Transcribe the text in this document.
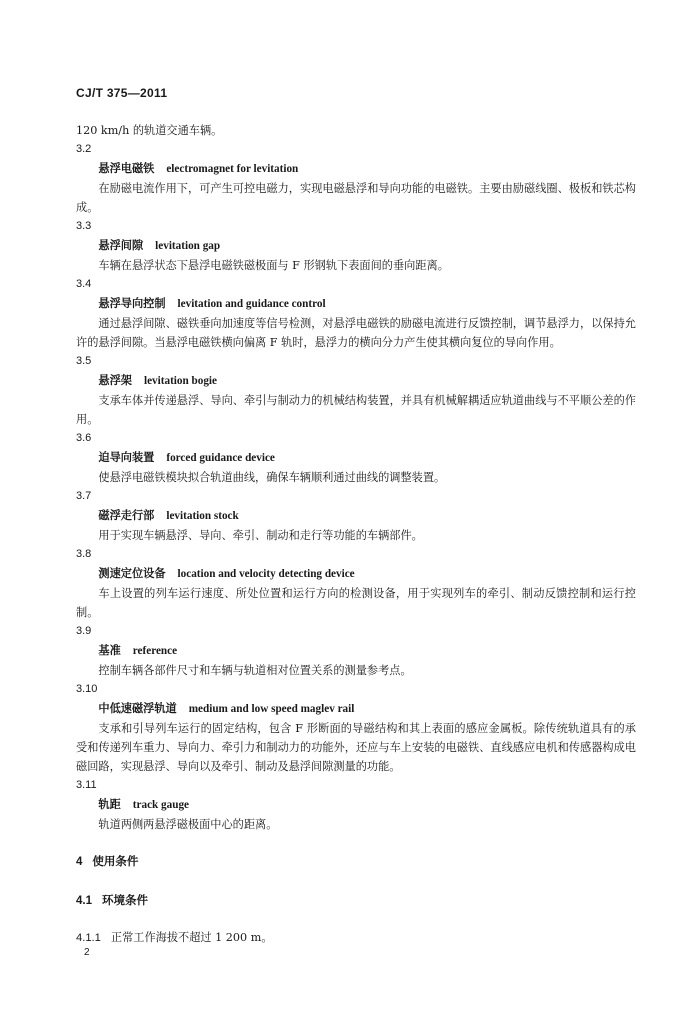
CJ/T 375—2011

120 km/h 的轨道交通车辆。

3.2

悬浮电磁铁 electromagnet for levitation

在励磁电流作用下，可产生可控电磁力，实现电磁悬浮和导向功能的电磁铁。主要由励磁线圈、极板和铁芯构成。

3.3

悬浮间隙 levitation gap

车辆在悬浮状态下悬浮电磁铁磁极面与 F 形钢轨下表面间的垂向距离。

3.4

悬浮导向控制 levitation and guidance control

通过悬浮间隙、磁铁垂向加速度等信号检测，对悬浮电磁铁的励磁电流进行反馈控制，调节悬浮力，以保持允许的悬浮间隙。当悬浮电磁铁横向偏离 F 轨时，悬浮力的横向分力产生使其横向复位的导向作用。

3.5

悬浮架 levitation bogie

支承车体并传递悬浮、导向、牵引与制动力的机械结构装置，并具有机械解耦适应轨道曲线与不平顺公差的作用。

3.6

迫导向装置 forced guidance device

使悬浮电磁铁模块拟合轨道曲线，确保车辆顺利通过曲线的调整装置。

3.7

磁浮走行部 levitation stock

用于实现车辆悬浮、导向、牵引、制动和走行等功能的车辆部件。

3.8

测速定位设备 location and velocity detecting device

车上设置的列车运行速度、所处位置和运行方向的检测设备，用于实现列车的牵引、制动反馈控制和运行控制。

3.9

基准 reference

控制车辆各部件尺寸和车辆与轨道相对位置关系的测量参考点。

3.10

中低速磁浮轨道 medium and low speed maglev rail

支承和引导列车运行的固定结构，包含 F 形断面的导磁结构和其上表面的感应金属板。除传统轨道具有的承受和传递列车重力、导向力、牵引力和制动力的功能外，还应与车上安装的电磁铁、直线感应电机和传感器构成电磁回路，实现悬浮、导向以及牵引、制动及悬浮间隙测量的功能。

3.11

轨距 track gauge

轨道两侧两悬浮磁极面中心的距离。

4 使用条件

4.1 环境条件

4.1.1 正常工作海拔不超过 1 200 m。

2
